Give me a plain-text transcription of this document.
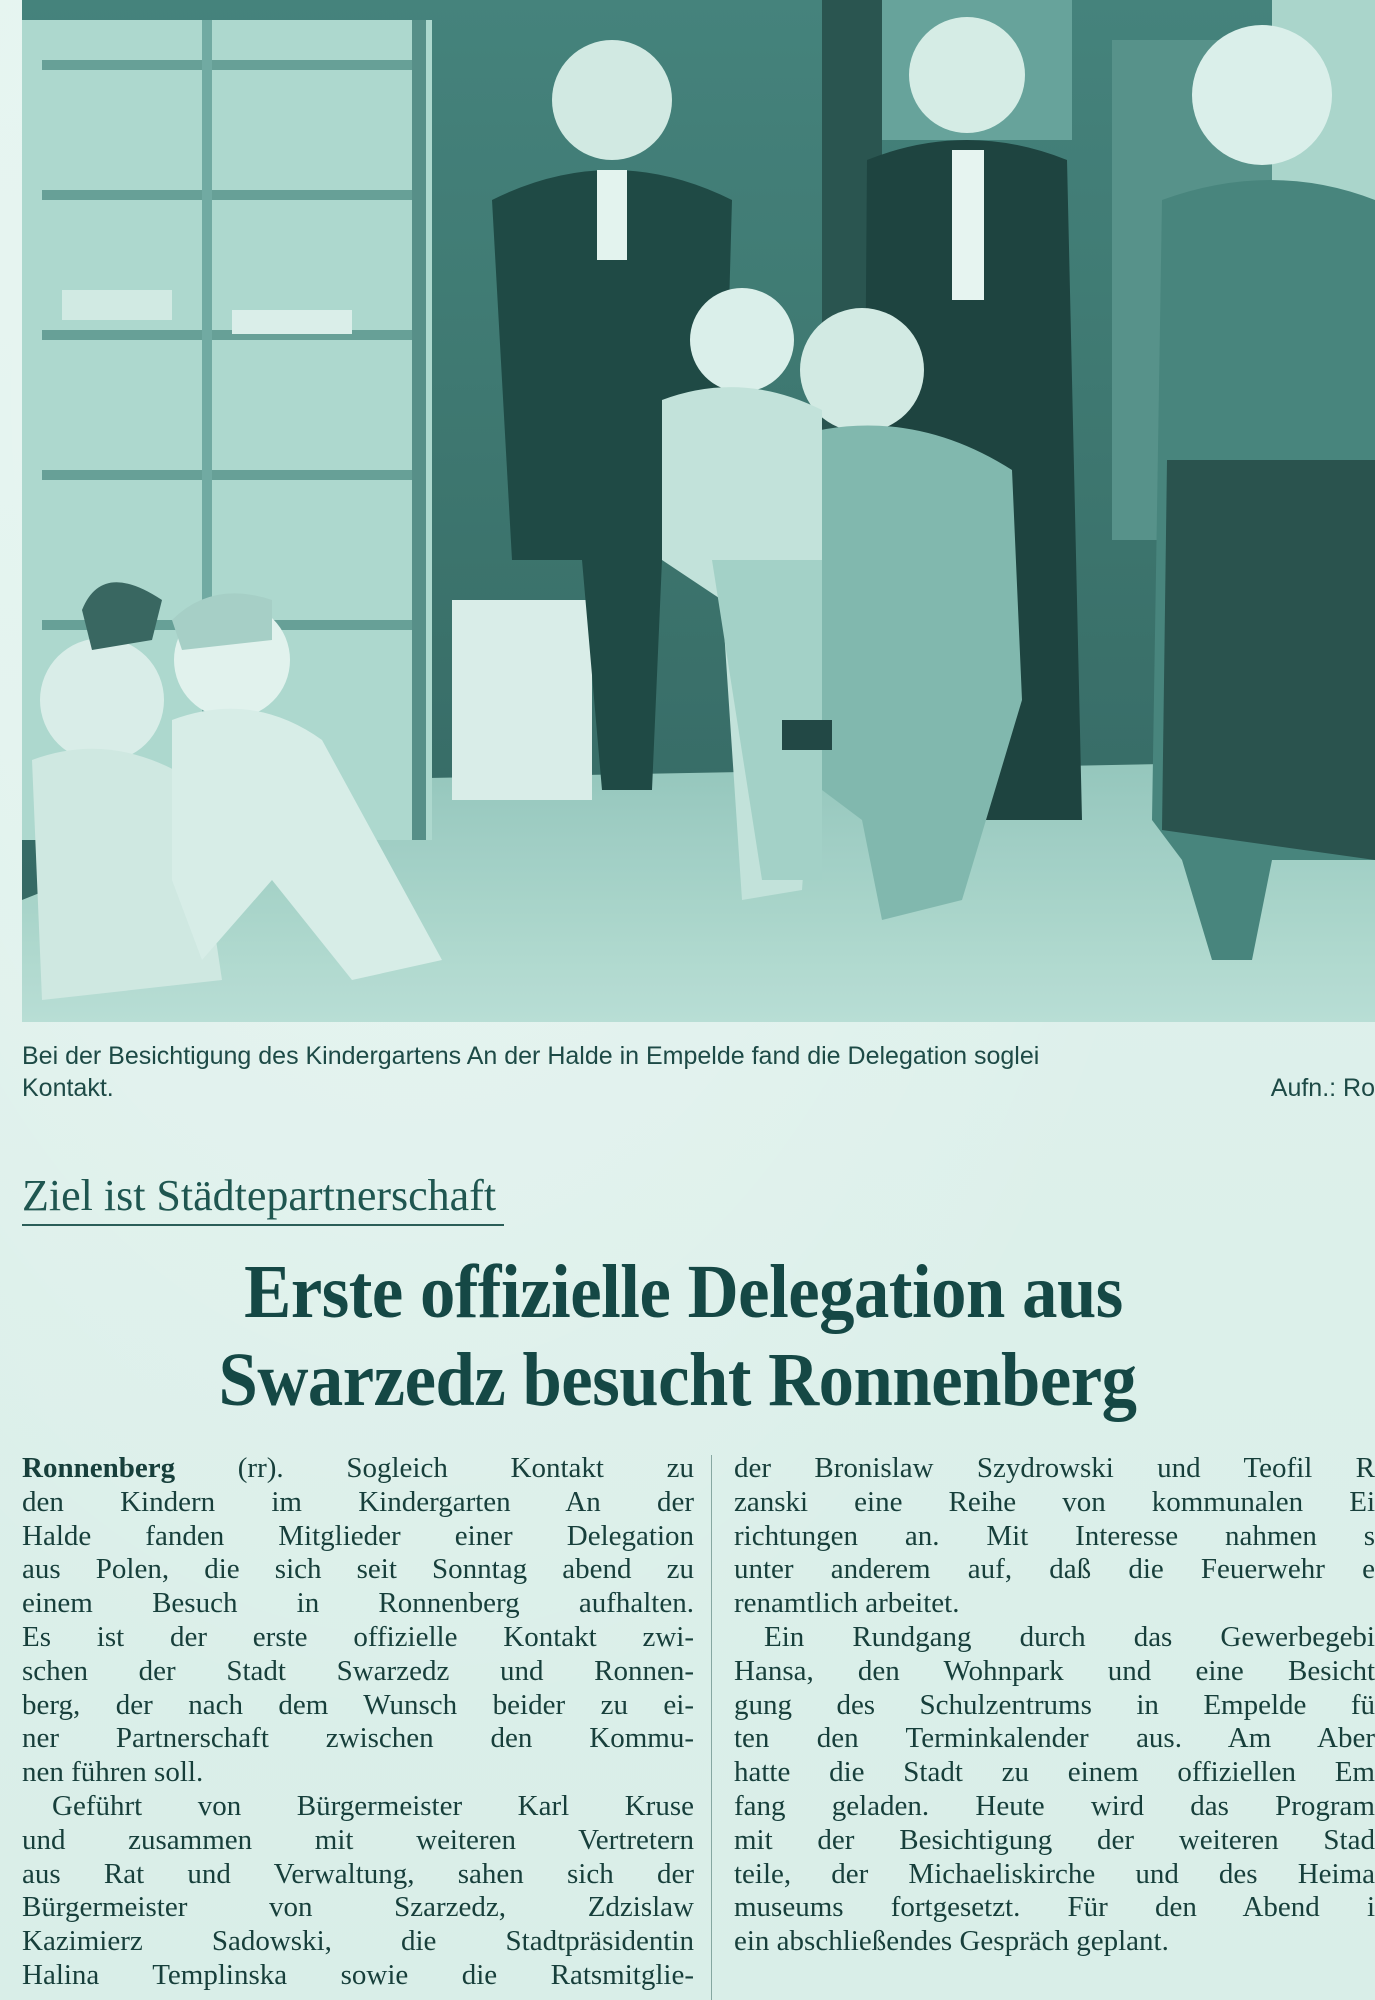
Bei der Besichtigung des Kindergartens An der Halde in Empelde fand die Delegation soglei
Kontakt.	Aufn.: Ro
Ziel ist Städtepartnerschaft
Erste offizielle Delegation aus
Swarzedz besucht Ronnenberg
Ronnenberg (rr). Sogleich Kontakt zu
den Kindern im Kindergarten An der
Halde fanden Mitglieder einer Delegation
aus Polen, die sich seit Sonntag abend zu
einem Besuch in Ronnenberg aufhalten.
Es ist der erste offizielle Kontakt zwi-
schen der Stadt Swarzedz und Ronnen-
berg, der nach dem Wunsch beider zu ei-
ner Partnerschaft zwischen den Kommu-
nen führen soll.
Geführt von Bürgermeister Karl Kruse
und zusammen mit weiteren Vertretern
aus Rat und Verwaltung, sahen sich der
Bürgermeister von Szarzedz, Zdzislaw
Kazimierz Sadowski, die Stadtpräsidentin
Halina Templinska sowie die Ratsmitglie-
der Bronislaw Szydrowski und Teofil R
zanski eine Reihe von kommunalen Ei
richtungen an. Mit Interesse nahmen s
unter anderem auf, daß die Feuerwehr e
renamtlich arbeitet.
Ein Rundgang durch das Gewerbegebi
Hansa, den Wohnpark und eine Besicht
gung des Schulzentrums in Empelde fü
ten den Terminkalender aus. Am Aber
hatte die Stadt zu einem offiziellen Em
fang geladen. Heute wird das Program
mit der Besichtigung der weiteren Stad
teile, der Michaeliskirche und des Heima
museums fortgesetzt. Für den Abend i
ein abschließendes Gespräch geplant.
